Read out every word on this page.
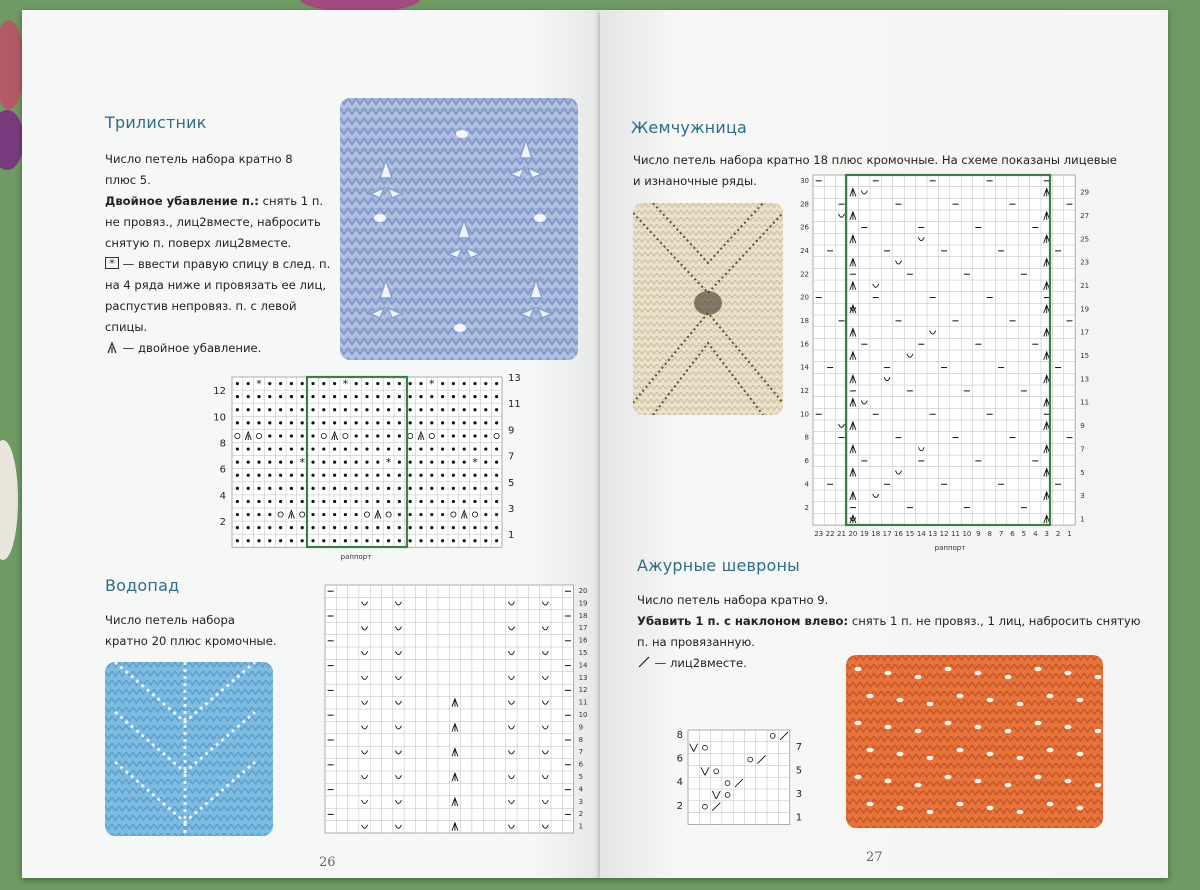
Трилистник
Число петель набора кратно 8
плюс 5.
Двойное убавление п.: снять 1 п.
не провяз., лиц2вместе, набросить
снятую п. поверх лиц2вместе.
* — ввести правую спицу в след. п.
на 4 ряда ниже и провязать ее лиц,
распустив непровяз. п. с левой
спицы.
— двойное убавление.
*	*	*
*	*	*
12
10
8
6
4
2
13
11
9
7
5
3
1
раппорт
Водопад
Число петель набора
кратно 20 плюс кромочные.
20
19
18
17
16
15
14
13
12
11
10
9
8
7
6
5
4
3
2
1
26
Жемчужница
Число петель набора кратно 18 плюс кромочные. На схеме показаны лицевые
и изнаночные ряды.	30
28
26
24
22
20
18
16
14
12
10
8
6
4
2
29
27
25
23
21
19
17
15
13
11
9
7
5
3
1
23 22 21 20 19 18 17 16 15 14 13 12 11 10 9 8 7 6 5 4 3 2 1
раппорт
Ажурные шевроны
Число петель набора кратно 9.
Убавить 1 п. с наклоном влево: снять 1 п. не провяз., 1 лиц, набросить снятую
п. на провязанную.
— лиц2вместе.
8
6
4
2
7
5
3
1
27
